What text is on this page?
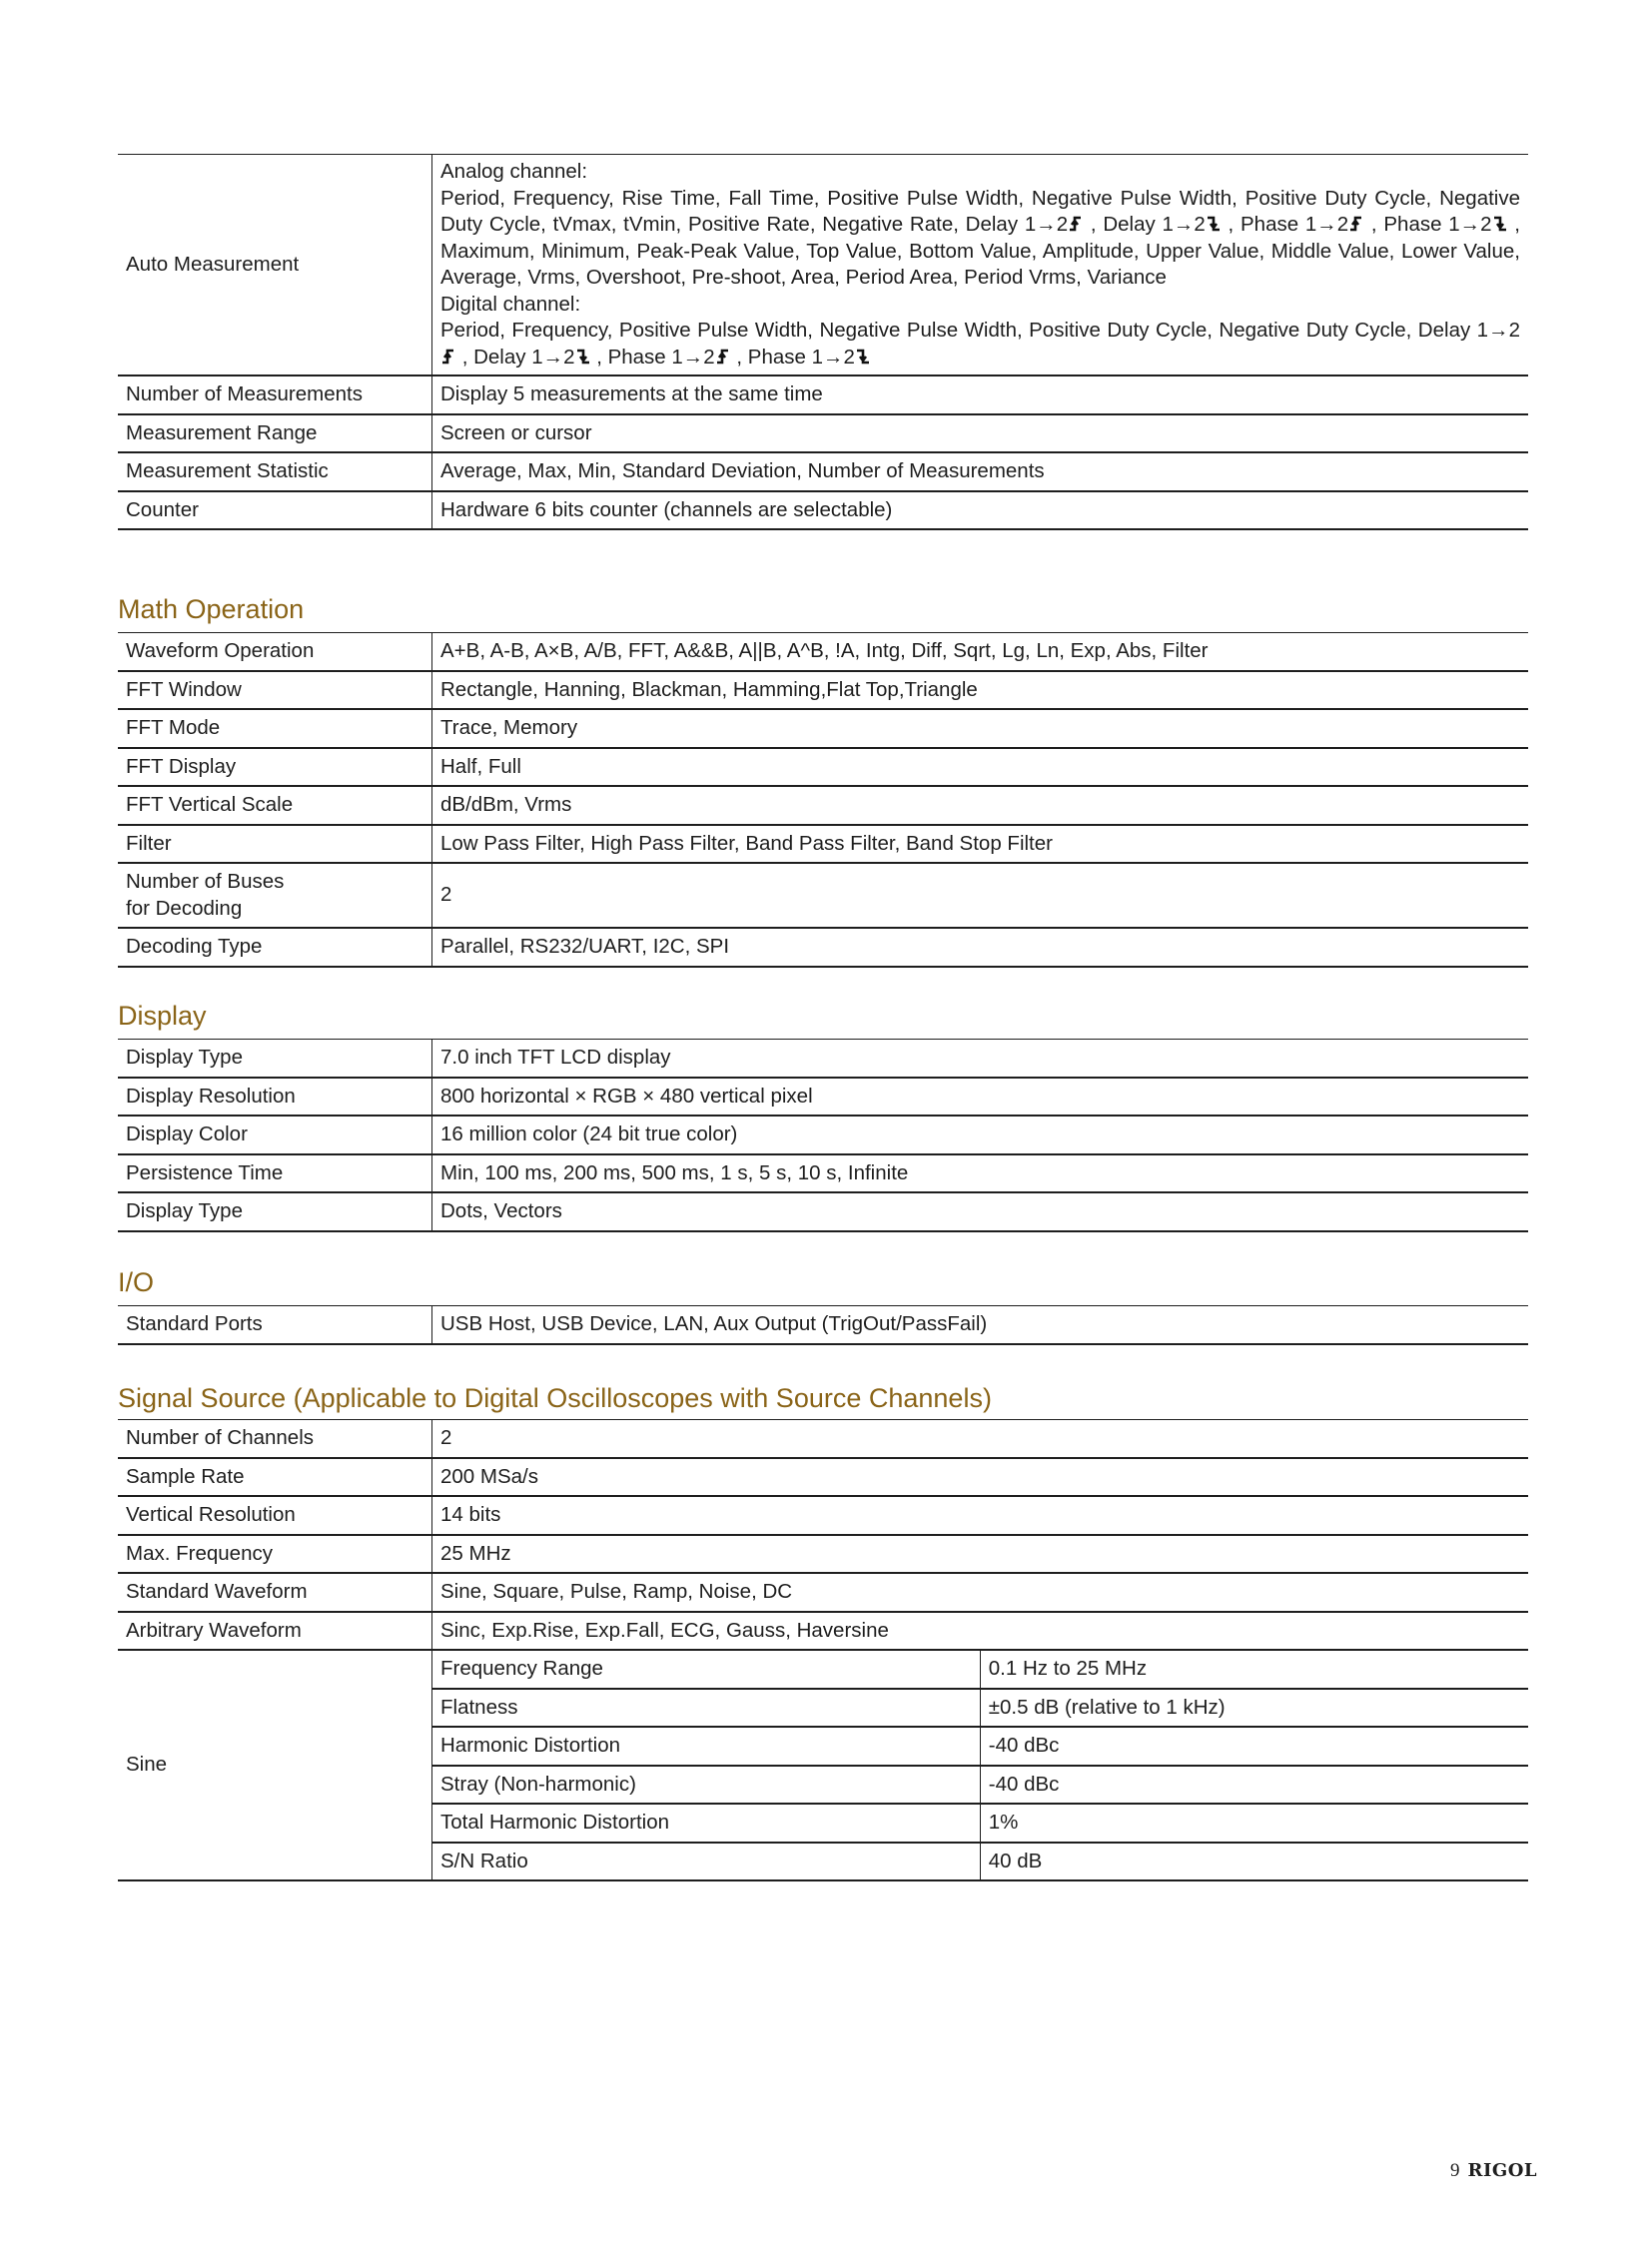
Auto Measurement	Analog channel:
Period, Frequency, Rise Time, Fall Time, Positive Pulse Width, Negative Pulse Width, Positive Duty Cycle, Negative Duty Cycle, tVmax, tVmin, Positive Rate, Negative Rate, Delay 1→2 , Delay 1→2 , Phase 1→2 , Phase 1→2 , Maximum, Minimum, Peak-Peak Value, Top Value, Bottom Value, Amplitude, Upper Value, Middle Value, Lower Value, Average, Vrms, Overshoot, Pre-shoot, Area, Period Area, Period Vrms, Variance
Digital channel:
Period, Frequency, Positive Pulse Width, Negative Pulse Width, Positive Duty Cycle, Negative Duty Cycle, Delay 1→2 , Delay 1→2 , Phase 1→2 , Phase 1→2
Number of Measurements	Display 5 measurements at the same time
Measurement Range	Screen or cursor
Measurement Statistic	Average, Max, Min, Standard Deviation, Number of Measurements
Counter	Hardware 6 bits counter (channels are selectable)
Math Operation
Waveform Operation	A+B, A-B, A×B, A/B, FFT, A&&B, A||B, A^B, !A, Intg, Diff, Sqrt, Lg, Ln, Exp, Abs, Filter
FFT Window	Rectangle, Hanning, Blackman, Hamming,Flat Top,Triangle
FFT Mode	Trace, Memory
FFT Display	Half, Full
FFT Vertical Scale	dB/dBm, Vrms
Filter	Low Pass Filter, High Pass Filter, Band Pass Filter, Band Stop Filter
Number of Buses for Decoding	2
Decoding Type	Parallel, RS232/UART, I2C, SPI
Display
Display Type	7.0 inch TFT LCD display
Display Resolution	800 horizontal × RGB × 480 vertical pixel
Display Color	16 million color (24 bit true color)
Persistence Time	Min, 100 ms, 200 ms, 500 ms, 1 s, 5 s, 10 s, Infinite
Display Type	Dots, Vectors
I/O
Standard Ports	USB Host, USB Device, LAN, Aux Output (TrigOut/PassFail)
Signal Source (Applicable to Digital Oscilloscopes with Source Channels)
Number of Channels	2	
Sample Rate	200 MSa/s	
Vertical Resolution	14 bits	
Max. Frequency	25 MHz	
Standard Waveform	Sine, Square, Pulse, Ramp, Noise, DC	
Arbitrary Waveform	Sinc, Exp.Rise, Exp.Fall, ECG, Gauss, Haversine	
Sine	Frequency Range	0.1 Hz to 25 MHz
	Flatness	±0.5 dB (relative to 1 kHz)
	Harmonic Distortion	-40 dBc
	Stray (Non-harmonic)	-40 dBc
	Total Harmonic Distortion	1%
	S/N Ratio	40 dB
9 RIGOL
